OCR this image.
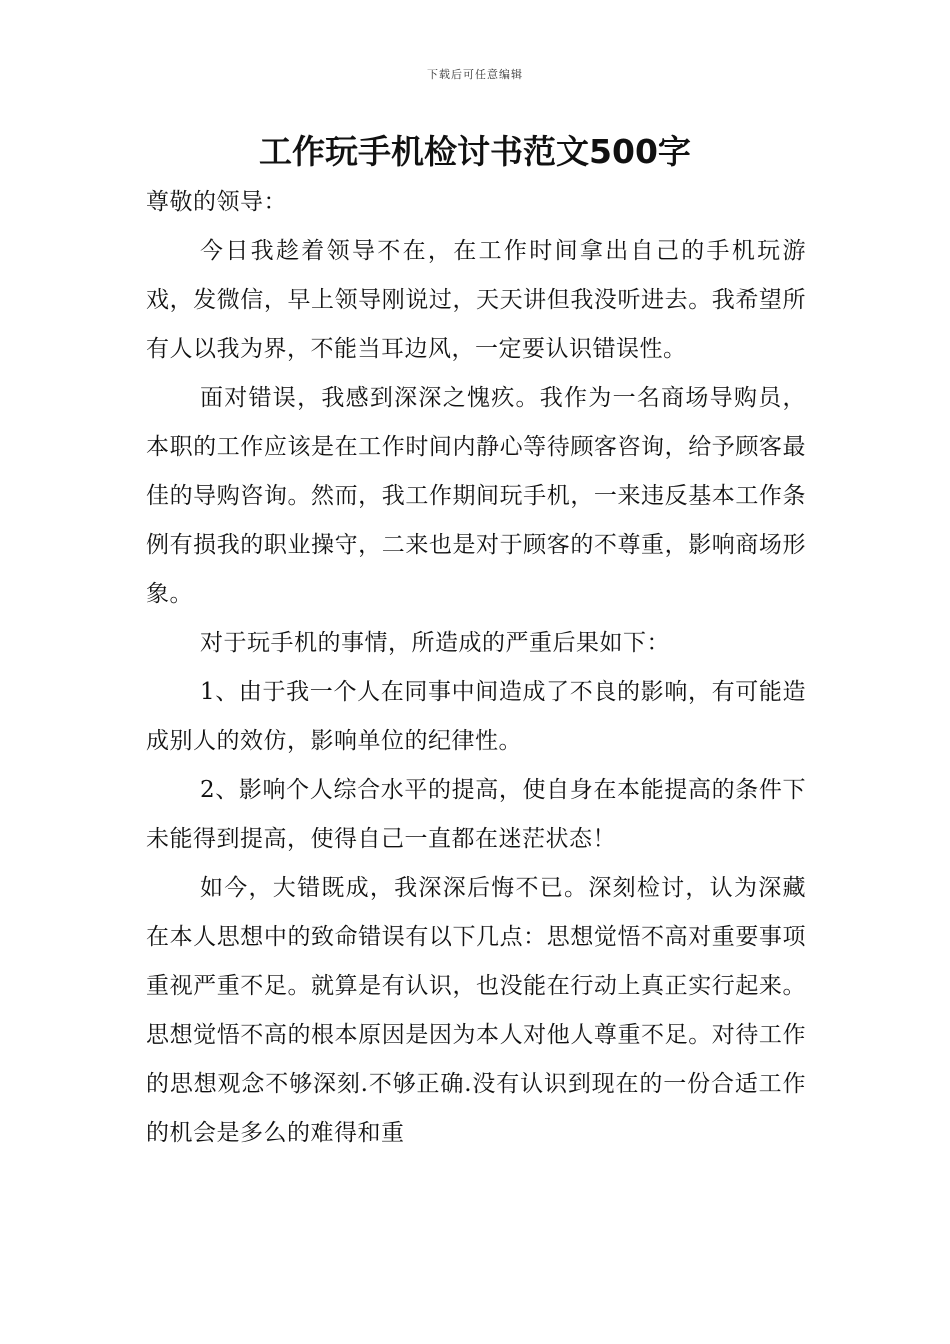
下载后可任意编辑
工作玩手机检讨书范文500字

尊敬的领导：

今日我趁着领导不在，在工作时间拿出自己的手机玩游戏，发微信，早上领导刚说过，天天讲但我没听进去。我希望所有人以我为界，不能当耳边风，一定要认识错误性。

面对错误，我感到深深之愧疚。我作为一名商场导购员，本职的工作应该是在工作时间内静心等待顾客咨询，给予顾客最佳的导购咨询。然而，我工作期间玩手机，一来违反基本工作条例有损我的职业操守，二来也是对于顾客的不尊重，影响商场形象。

对于玩手机的事情，所造成的严重后果如下：

1、由于我一个人在同事中间造成了不良的影响，有可能造成别人的效仿，影响单位的纪律性。

2、影响个人综合水平的提高，使自身在本能提高的条件下未能得到提高，使得自己一直都在迷茫状态！

如今，大错既成，我深深后悔不已。深刻检讨，认为深藏在本人思想中的致命错误有以下几点：思想觉悟不高对重要事项重视严重不足。就算是有认识，也没能在行动上真正实行起来。思想觉悟不高的根本原因是因为本人对他人尊重不足。对待工作的思想观念不够深刻.不够正确.没有认识到现在的一份合适工作的机会是多么的难得和重
